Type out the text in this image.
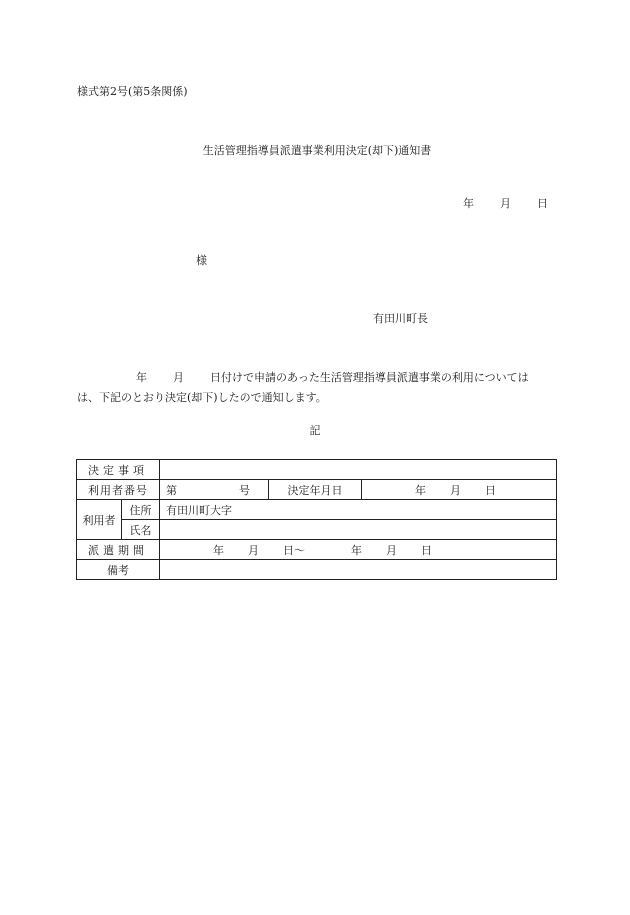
様式第2号(第5条関係)
生活管理指導員派遣事業利用決定(却下)通知書
年 月 日
様
有田川町長
年 月 日付けで申請のあった生活管理指導員派遣事業の利用については
は、下記のとおり決定(却下)したので通知します。
記
決定事項				
利用者番号		第 号	決定年月日	年 月 日
利用者	住所	有田川町大字		
	氏名			
派遣期間		年 月 日〜 年 月 日		
備考				
